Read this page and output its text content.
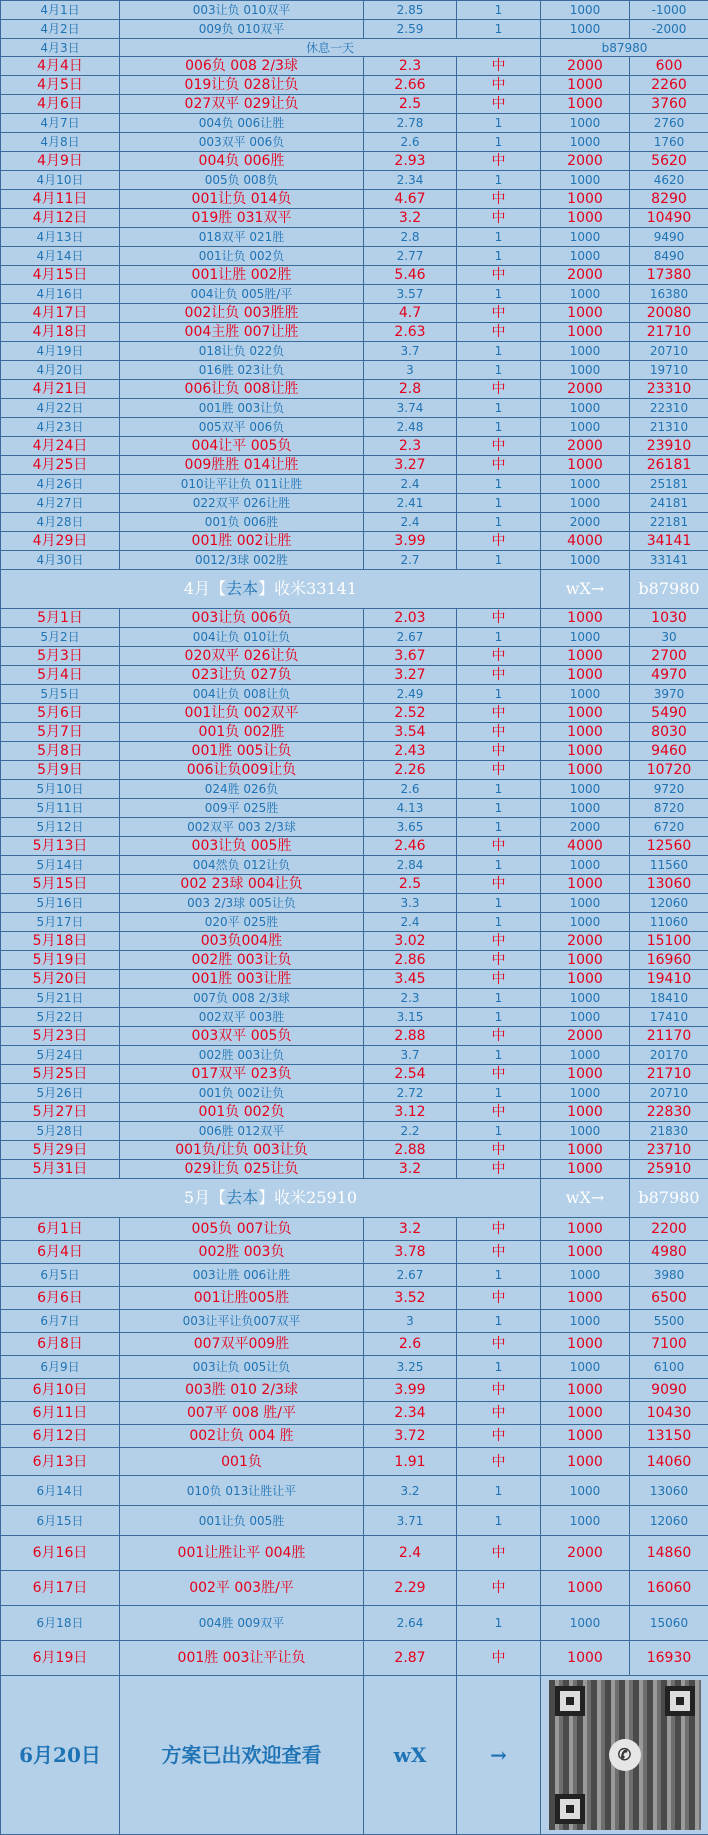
4月1日	003让负 010双平	2.85	1	1000	-1000
4月2日	009负 010双平	2.59	1	1000	-2000
4月3日	休息一天			b87980	
4月4日	006负 008 2/3球	2.3	中	2000	600
4月5日	019让负 028让负	2.66	中	1000	2260
4月6日	027双平 029让负	2.5	中	1000	3760
4月7日	004负 006让胜	2.78	1	1000	2760
4月8日	003双平 006负	2.6	1	1000	1760
4月9日	004负 006胜	2.93	中	2000	5620
4月10日	005负 008负	2.34	1	1000	4620
4月11日	001让负 014负	4.67	中	1000	8290
4月12日	019胜 031双平	3.2	中	1000	10490
4月13日	018双平 021胜	2.8	1	1000	9490
4月14日	001让负 002负	2.77	1	1000	8490
4月15日	001让胜 002胜	5.46	中	2000	17380
4月16日	004让负 005胜/平	3.57	1	1000	16380
4月17日	002让负 003胜胜	4.7	中	1000	20080
4月18日	004主胜 007让胜	2.63	中	1000	21710
4月19日	018让负 022负	3.7	1	1000	20710
4月20日	016胜 023让负	3	1	1000	19710
4月21日	006让负 008让胜	2.8	中	2000	23310
4月22日	001胜 003让负	3.74	1	1000	22310
4月23日	005双平 006负	2.48	1	1000	21310
4月24日	004让平 005负	2.3	中	2000	23910
4月25日	009胜胜 014让胜	3.27	中	1000	26181
4月26日	010让平让负 011让胜	2.4	1	1000	25181
4月27日	022双平 026让胜	2.41	1	1000	24181
4月28日	001负 006胜	2.4	1	2000	22181
4月29日	001胜 002让胜	3.99	中	4000	34141
4月30日	0012/3球 002胜	2.7	1	1000	33141
4月【去本】收米33141				wX→	b87980
5月1日	003让负 006负	2.03	中	1000	1030
5月2日	004让负 010让负	2.67	1	1000	30
5月3日	020双平 026让负	3.67	中	1000	2700
5月4日	023让负 027负	3.27	中	1000	4970
5月5日	004让负 008让负	2.49	1	1000	3970
5月6日	001让负 002双平	2.52	中	1000	5490
5月7日	001负 002胜	3.54	中	1000	8030
5月8日	001胜 005让负	2.43	中	1000	9460
5月9日	006让负009让负	2.26	中	1000	10720
5月10日	024胜 026负	2.6	1	1000	9720
5月11日	009平 025胜	4.13	1	1000	8720
5月12日	002双平 003 2/3球	3.65	1	2000	6720
5月13日	003让负 005胜	2.46	中	4000	12560
5月14日	004然负 012让负	2.84	1	1000	11560
5月15日	002 23球 004让负	2.5	中	1000	13060
5月16日	003 2/3球 005让负	3.3	1	1000	12060
5月17日	020平 025胜	2.4	1	1000	11060
5月18日	003负004胜	3.02	中	2000	15100
5月19日	002胜 003让负	2.86	中	1000	16960
5月20日	001胜 003让胜	3.45	中	1000	19410
5月21日	007负 008 2/3球	2.3	1	1000	18410
5月22日	002双平 003胜	3.15	1	1000	17410
5月23日	003双平 005负	2.88	中	2000	21170
5月24日	002胜 003让负	3.7	1	1000	20170
5月25日	017双平 023负	2.54	中	1000	21710
5月26日	001负 002让负	2.72	1	1000	20710
5月27日	001负 002负	3.12	中	1000	22830
5月28日	006胜 012双平	2.2	1	1000	21830
5月29日	001负/让负 003让负	2.88	中	1000	23710
5月31日	029让负 025让负	3.2	中	1000	25910
5月【去本】收米25910				wX→	b87980
6月1日	005负 007让负	3.2	中	1000	2200
6月4日	002胜 003负	3.78	中	1000	4980
6月5日	003让胜 006让胜	2.67	1	1000	3980
6月6日	001让胜005胜	3.52	中	1000	6500
6月7日	003让平让负007双平	3	1	1000	5500
6月8日	007双平009胜	2.6	中	1000	7100
6月9日	003让负 005让负	3.25	1	1000	6100
6月10日	003胜 010 2/3球	3.99	中	1000	9090
6月11日	007平 008 胜/平	2.34	中	1000	10430
6月12日	002让负 004 胜	3.72	中	1000	13150
6月13日	001负	1.91	中	1000	14060
6月14日	010负 013让胜让平	3.2	1	1000	13060
6月15日	001让负 005胜	3.71	1	1000	12060
6月16日	001让胜让平 004胜	2.4	中	2000	14860
6月17日	002平 003胜/平	2.29	中	1000	16060
6月18日	004胜 009双平	2.64	1	1000	15060
6月19日	001胜 003让平让负	2.87	中	1000	16930
6月20日	方案已出欢迎查看	wX	→	✆	
